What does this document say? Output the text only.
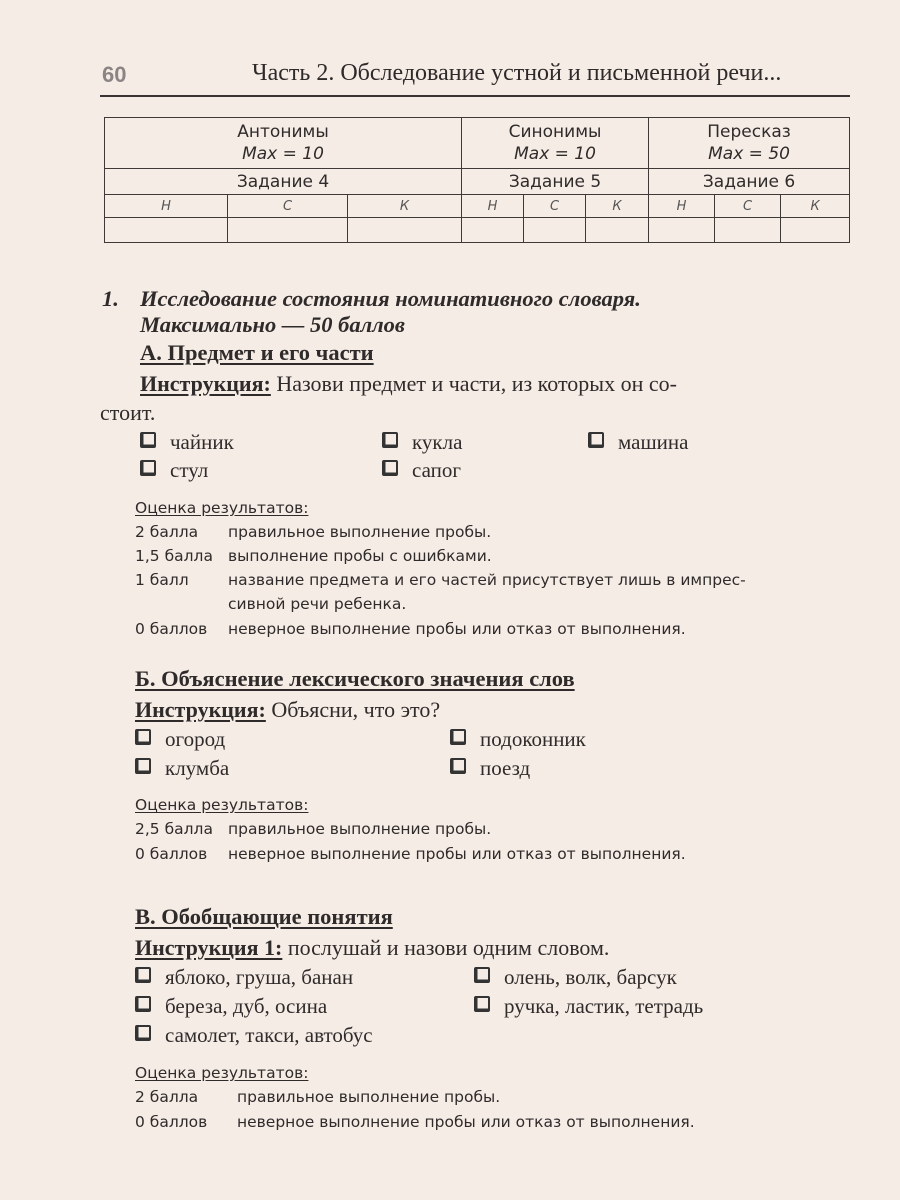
60	Часть 2. Обследование устной и письменной речи...
Антонимы
Max = 10

Синонимы
Max = 10

Пересказ
Max = 50

Задание 4			Задание 5			Задание 6		
Н	С	К	Н	С	К	Н	С	К

1. Исследование состояния номинативного словаря.
Максимально — 50 баллов
А. Предмет и его части
Инструкция: Назови предмет и части, из которых он со-
стоит.
чайник	кукла	машина
стул	сапог
Оценка результатов:
2 балла правильное выполнение пробы.
1,5 балла выполнение пробы с ошибками.
1 балл	название предмета и его частей присутствует лишь в импрес-
сивной речи ребенка.
0 баллов неверное выполнение пробы или отказ от выполнения.
Б. Объяснение лексического значения слов
Инструкция: Объясни, что это?
огород	подоконник
клумба	поезд
Оценка результатов:
2,5 балла правильное выполнение пробы.
0 баллов неверное выполнение пробы или отказ от выполнения.
В. Обобщающие понятия
Инструкция 1: послушай и назови одним словом.
яблоко, груша, банан	олень, волк, барсук
береза, дуб, осина	ручка, ластик, тетрадь
самолет, такси, автобус
Оценка результатов:
2 балла	правильное выполнение пробы.
0 баллов неверное выполнение пробы или отказ от выполнения.
